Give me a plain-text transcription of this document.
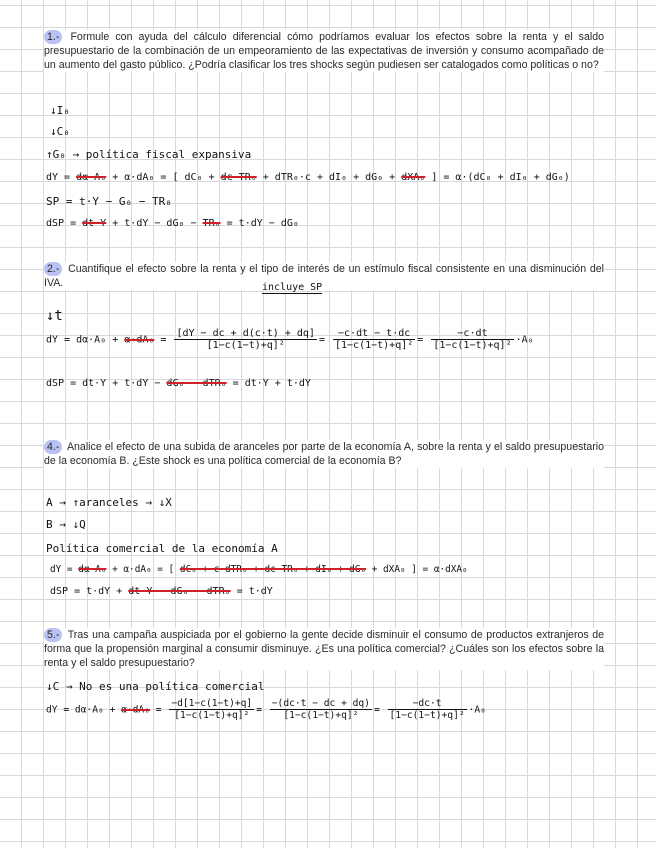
1.- Formule con ayuda del cálculo diferencial cómo podríamos evaluar los efectos sobre la renta y el saldo presupuestario de la combinación de un empeoramiento de las expectativas de inversión y consumo acompañado de un aumento del gasto público. ¿Podría clasificar los tres shocks según pudiesen ser catalogados como políticas o no?
↓I₀
↓C₀
↑G₀ → política fiscal expansiva
dY = dα·A₀ + α·dA₀ = [ dC₀ + dc·TR₀ + dTR₀·c + dI₀ + dG₀ + dXA₀ ] = α·(dC₀ + dI₀ + dG₀)
SP = t·Y − G₀ − TR₀
dSP = dt·Y + t·dY − dG₀ − TR₀ = t·dY − dG₀
2.- Cuantifique el efecto sobre la renta y el tipo de interés de un estímulo fiscal consistente en una disminución del IVA.	incluye SP
↓t
dY = $d\alpha\cdot A_0 + \alpha\cdot dA_0 = \frac{[dY - dc + d(c\cdot t) + dq]}{\text{[1−c(1−t)+q]²}} = \frac{-c\cdot dt - t\cdot dc}{\text{[1−c(1−t)+q]²}} = \frac{-c\cdot dt}{\text{[1−c(1−t)+q]²}} \cdot A_0$
dSP = dt·Y + t·dY − dG₀ − dTR₀ = dt·Y + t·dY
4.- Analice el efecto de una subida de aranceles por parte de la economía A, sobre la renta y el saldo presupuestario de la economía B. ¿Este shock es una política comercial de la economía B?
A → ↑aranceles → ↓X
B → ↓Q
Política comercial de la economía A
dY = dα·A₀ + α·dA₀ = [ dC₀ + c·dTR₀ + dc·TR₀ + dI₀ + dG₀ + dXA₀ ] = α·dXA₀
dSP = t·dY + dt·Y − dG₀ − dTR₀ = t·dY
5.- Tras una campaña auspiciada por el gobierno la gente decide disminuir el consumo de productos extranjeros de forma que la propensión marginal a consumir disminuye. ¿Es una política comercial? ¿Cuáles son los efectos sobre la renta y el saldo presupuestario?
↓C → No es una política comercial
dY = $d\alpha\cdot A_0 + \alpha\cdot dA_0 = \frac{-d[1-c(1-t)+q]}{\text{[1−c(1−t)+q]²}} = \frac{-(dc\cdot t - dc + dq)}{\text{[1−c(1−t)+q]²}} = \frac{-dc\cdot t}{\text{[1−c(1−t)+q]²}} \cdot A_0$
